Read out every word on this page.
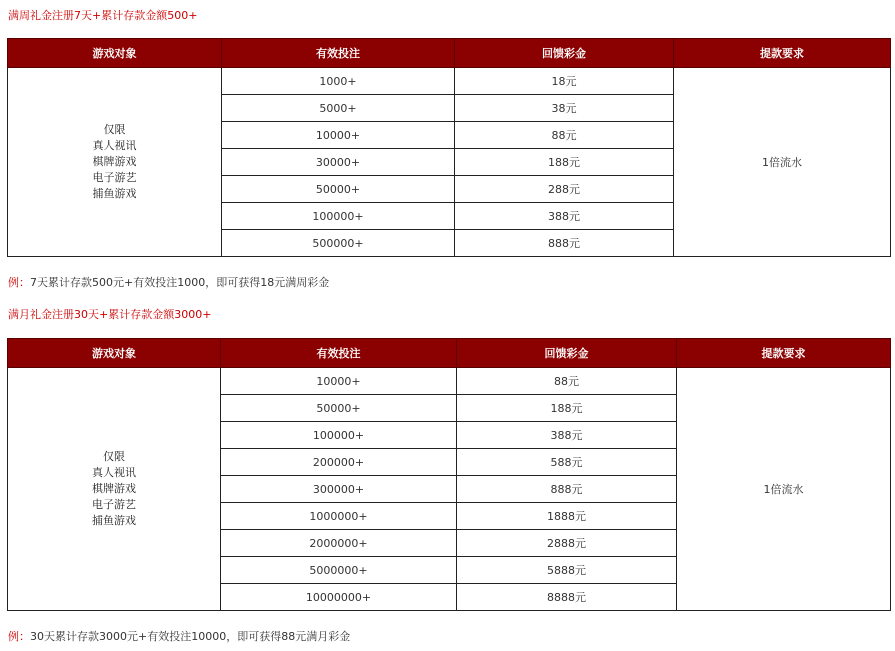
满周礼金注册7天+累计存款金额500+
游戏对象	有效投注	回馈彩金	提款要求

仅限
真人视讯
棋牌游戏
电子游艺
捕鱼游戏	1000+	18元	1倍流水
	5000+	38元	
	10000+	88元	
	30000+	188元	
	50000+	288元	
	100000+	388元	
	500000+	888元	
例：7天累计存款500元+有效投注1000，即可获得18元满周彩金
满月礼金注册30天+累计存款金额3000+
游戏对象	有效投注	回馈彩金	提款要求

仅限
真人视讯
棋牌游戏
电子游艺
捕鱼游戏	10000+	88元	1倍流水
	50000+	188元	
	100000+	388元	
	200000+	588元	
	300000+	888元	
	1000000+	1888元	
	2000000+	2888元	
	5000000+	5888元	
	10000000+	8888元	
例：30天累计存款3000元+有效投注10000，即可获得88元满月彩金
